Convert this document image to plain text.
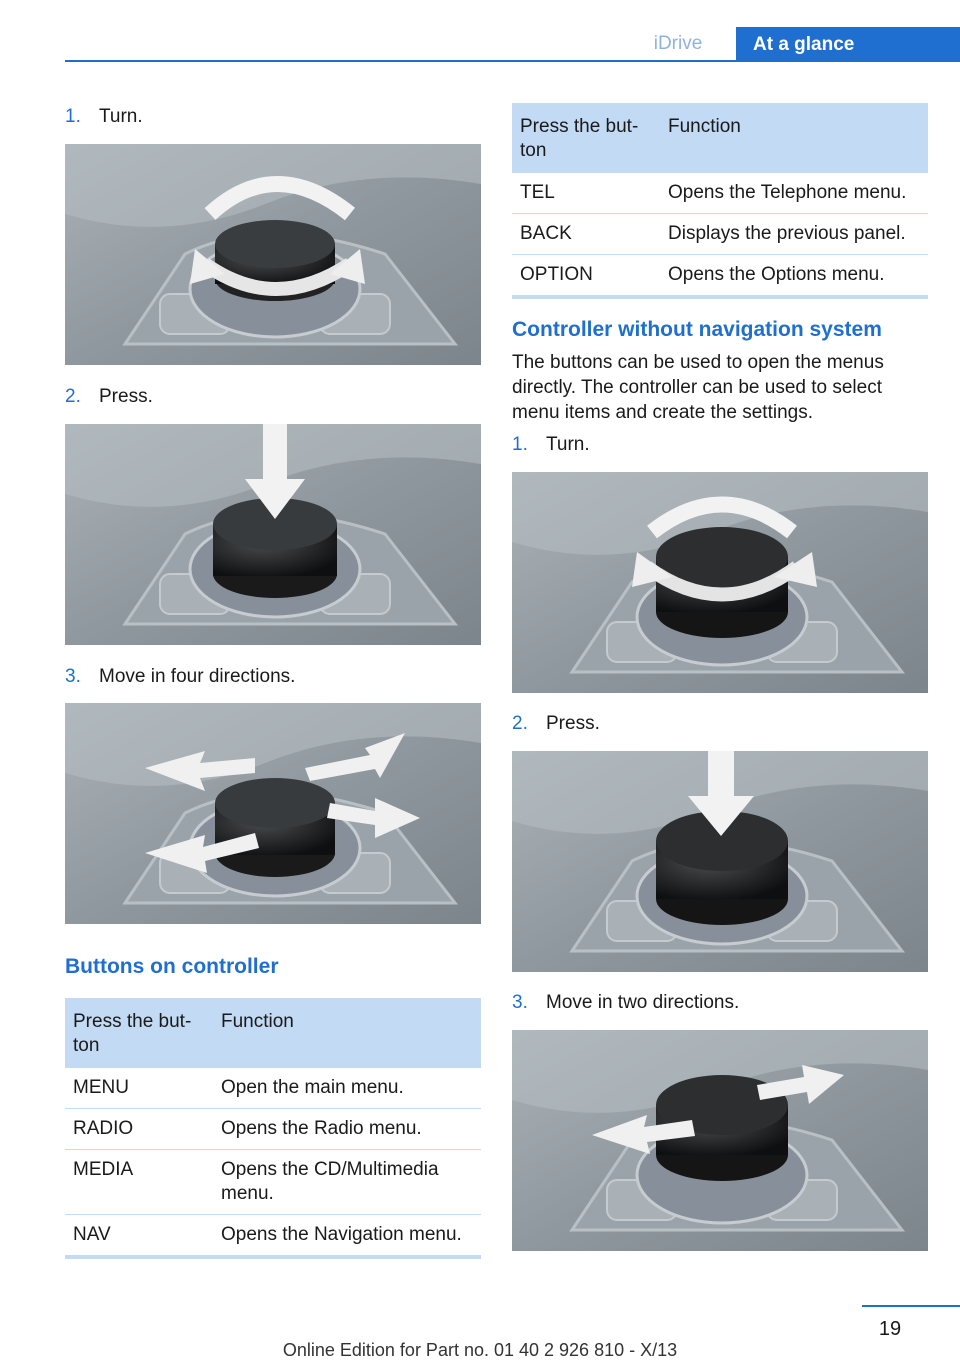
iDrive	At a glance
1. Turn.
2. Press.
3. Move in four directions.
Buttons on controller
Press the but-
ton	Function
MENU	Open the main menu.
RADIO	Opens the Radio menu.
MEDIA	Opens the CD/Multimedia menu.
NAV	Opens the Navigation menu.
Press the but-
ton	Function
TEL	Opens the Telephone menu.
BACK	Displays the previous panel.
OPTION	Opens the Options menu.
Controller without navigation system
The buttons can be used to open the menus directly. The controller can be used to select menu items and create the settings.
1. Turn.
2. Press.
3. Move in two directions.
19
Online Edition for Part no. 01 40 2 926 810 - X/13
